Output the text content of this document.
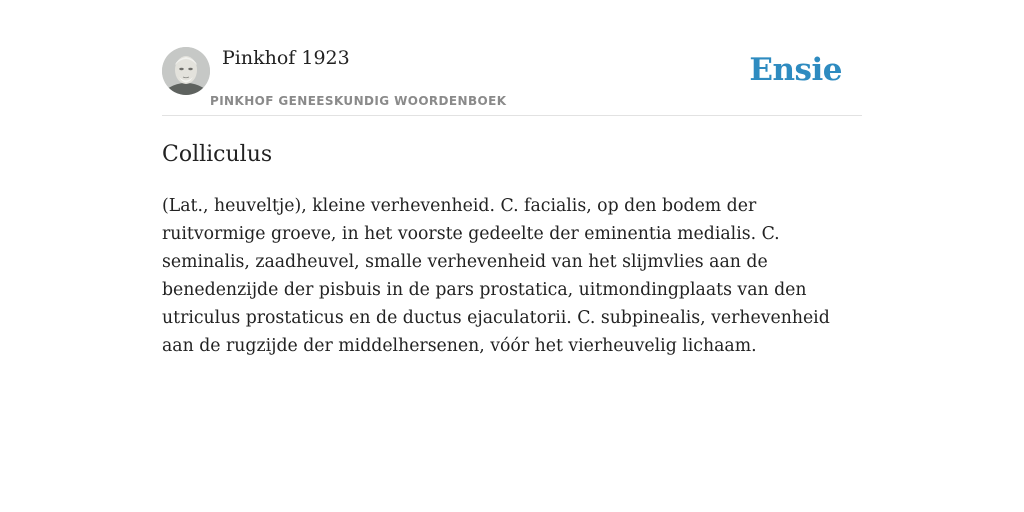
Pinkhof 1923
PINKHOF GENEESKUNDIG WOORDENBOEK
Ensie
Colliculus

(Lat., heuveltje), kleine verhevenheid. C. facialis, op den bodem der ruitvormige groeve, in het voorste gedeelte der eminentia medialis. C. seminalis, zaadheuvel, smalle verhevenheid van het slijmvlies aan de benedenzijde der pisbuis in de pars prostatica, uitmondingplaats van den utriculus prostaticus en de ductus ejaculatorii. C. subpinealis, verhevenheid aan de rugzijde der middelhersenen, vóór het vierheuvelig lichaam.
